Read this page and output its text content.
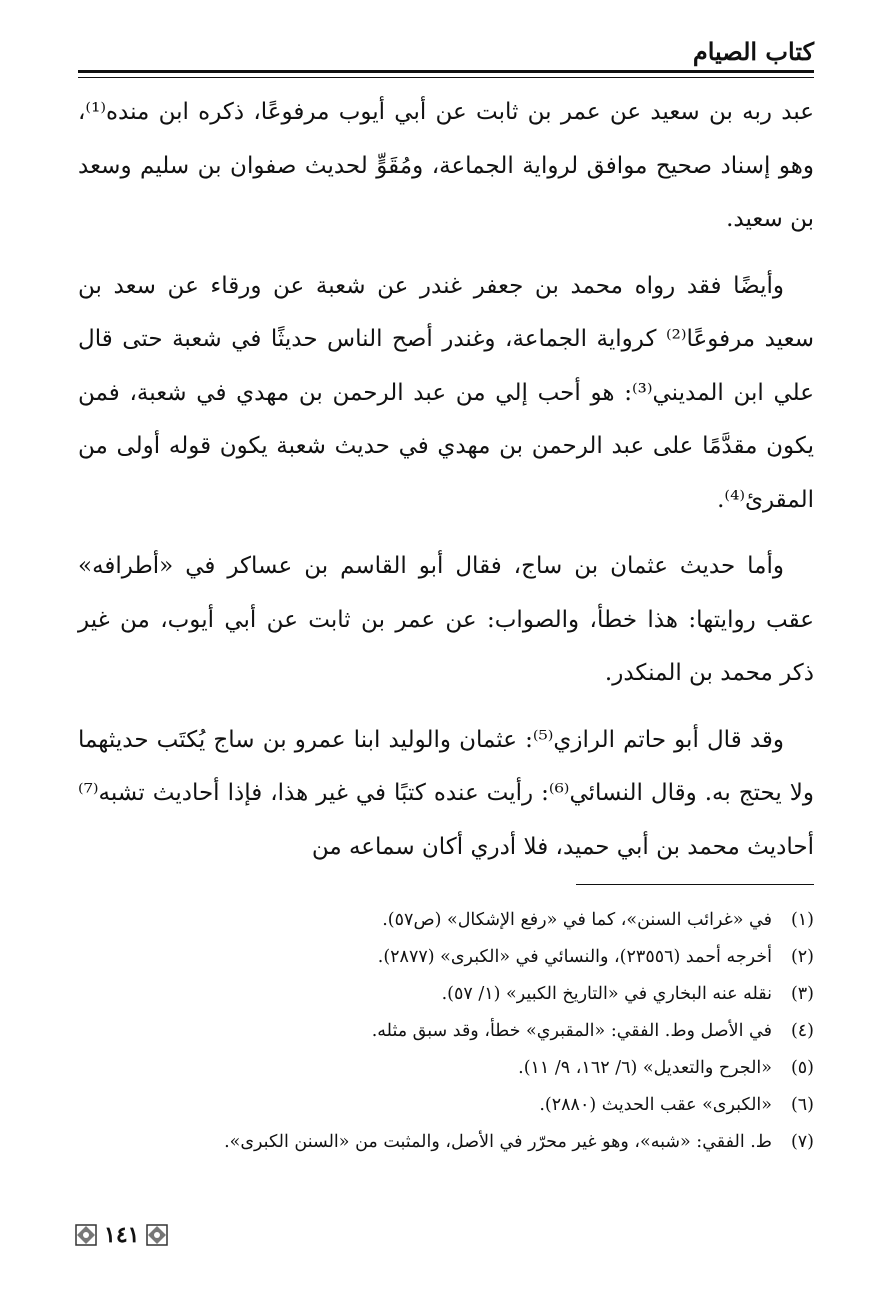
كتاب الصيام

عبد ربه بن سعيد عن عمر بن ثابت عن أبي أيوب مرفوعًا، ذكره ابن منده⁽¹⁾، وهو إسناد صحيح موافق لرواية الجماعة، ومُقَوٍّ لحديث صفوان بن سليم وسعد بن سعيد.

وأيضًا فقد رواه محمد بن جعفر غندر عن شعبة عن ورقاء عن سعد بن سعيد مرفوعًا⁽²⁾ كرواية الجماعة، وغندر أصح الناس حديثًا في شعبة حتى قال علي ابن المديني⁽³⁾: هو أحب إلي من عبد الرحمن بن مهدي في شعبة، فمن يكون مقدَّمًا على عبد الرحمن بن مهدي في حديث شعبة يكون قوله أولى من المقرئ⁽⁴⁾.

وأما حديث عثمان بن ساج، فقال أبو القاسم بن عساكر في «أطرافه» عقب روايتها: هذا خطأ، والصواب: عن عمر بن ثابت عن أبي أيوب، من غير ذكر محمد بن المنكدر.

وقد قال أبو حاتم الرازي⁽⁵⁾: عثمان والوليد ابنا عمرو بن ساج يُكتَب حديثهما ولا يحتج به. وقال النسائي⁽⁶⁾: رأيت عنده كتبًا في غير هذا، فإذا أحاديث تشبه⁽⁷⁾ أحاديث محمد بن أبي حميد، فلا أدري أكان سماعه من

(١)
في «غرائب السنن»، كما في «رفع الإشكال» (ص٥٧).
(٢)
أخرجه أحمد (٢٣٥٥٦)، والنسائي في «الكبرى» (٢٨٧٧).
(٣)
نقله عنه البخاري في «التاريخ الكبير» (١/ ٥٧).
(٤)
في الأصل وط. الفقي: «المقبري» خطأ، وقد سبق مثله.
(٥)
«الجرح والتعديل» (٦/ ١٦٢، ٩/ ١١).
(٦)
«الكبرى» عقب الحديث (٢٨٨٠).
(٧)
ط. الفقي: «شبه»، وهو غير محرّر في الأصل، والمثبت من «السنن الكبرى».
١٤١
